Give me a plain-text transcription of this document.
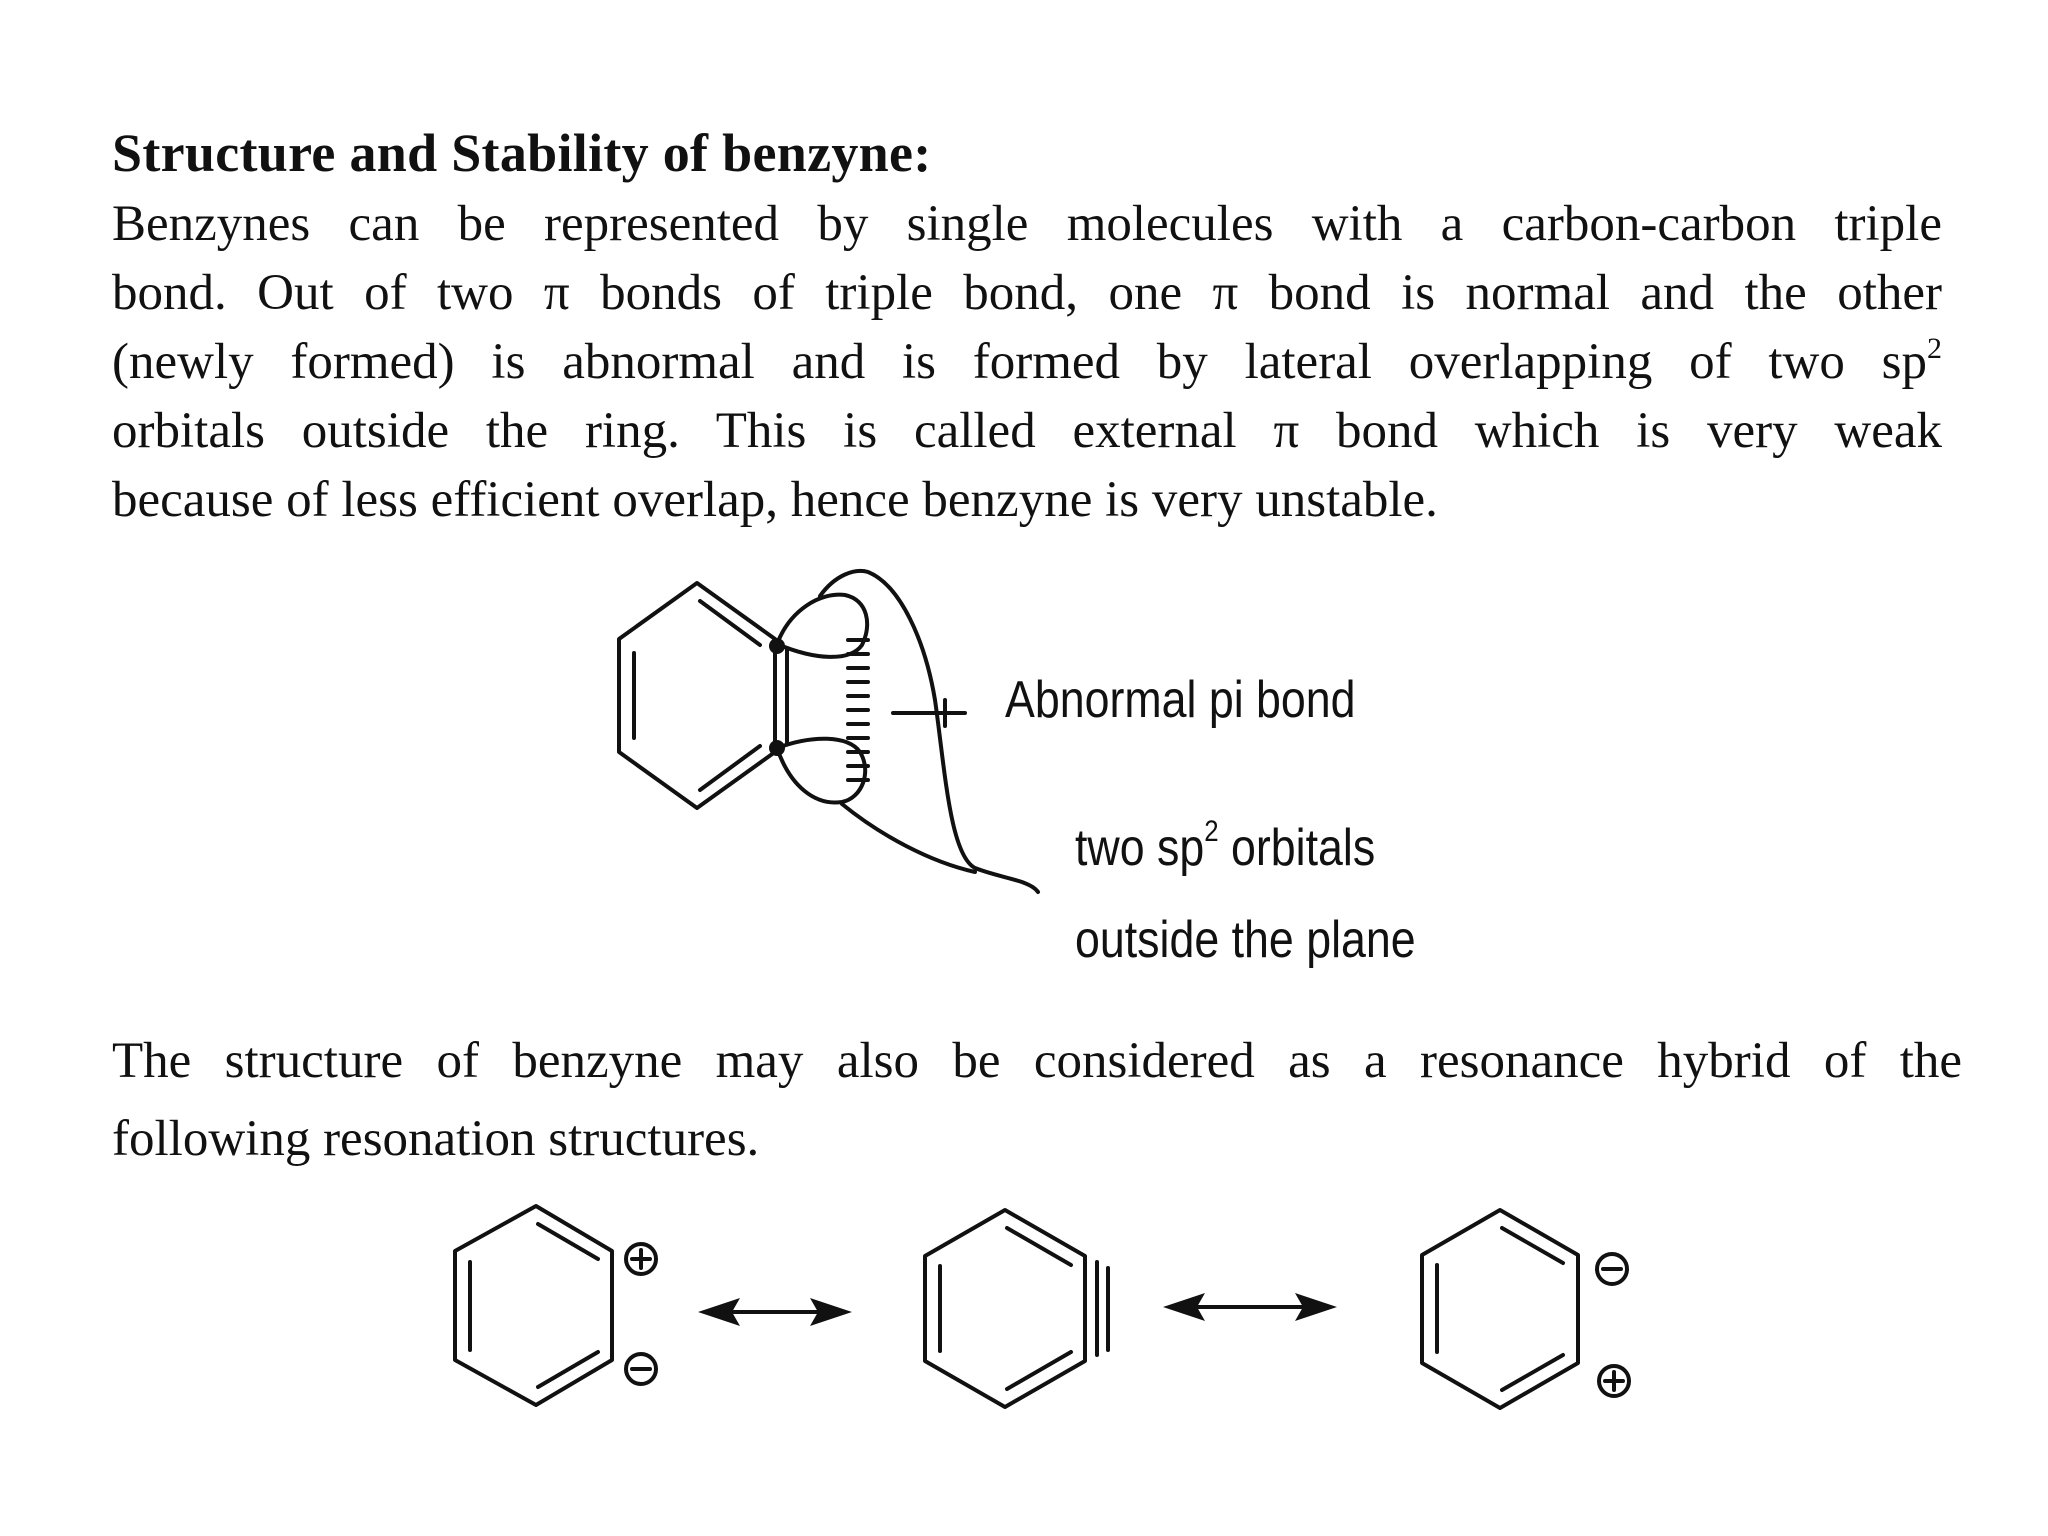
Structure and Stability of benzyne:
Benzynes can be represented by single molecules with a carbon-carbon triple
bond. Out of two π bonds of triple bond, one π bond is normal and the other
(newly formed) is abnormal and is formed by lateral overlapping of two $sp^2$
orbitals outside the ring. This is called external π bond which is very weak
because of less efficient overlap, hence benzyne is very unstable.
Abnormal pi bond
two $sp^2$ orbitals
outside the plane
The structure of benzyne may also be considered as a resonance hybrid of the
following resonation structures.
